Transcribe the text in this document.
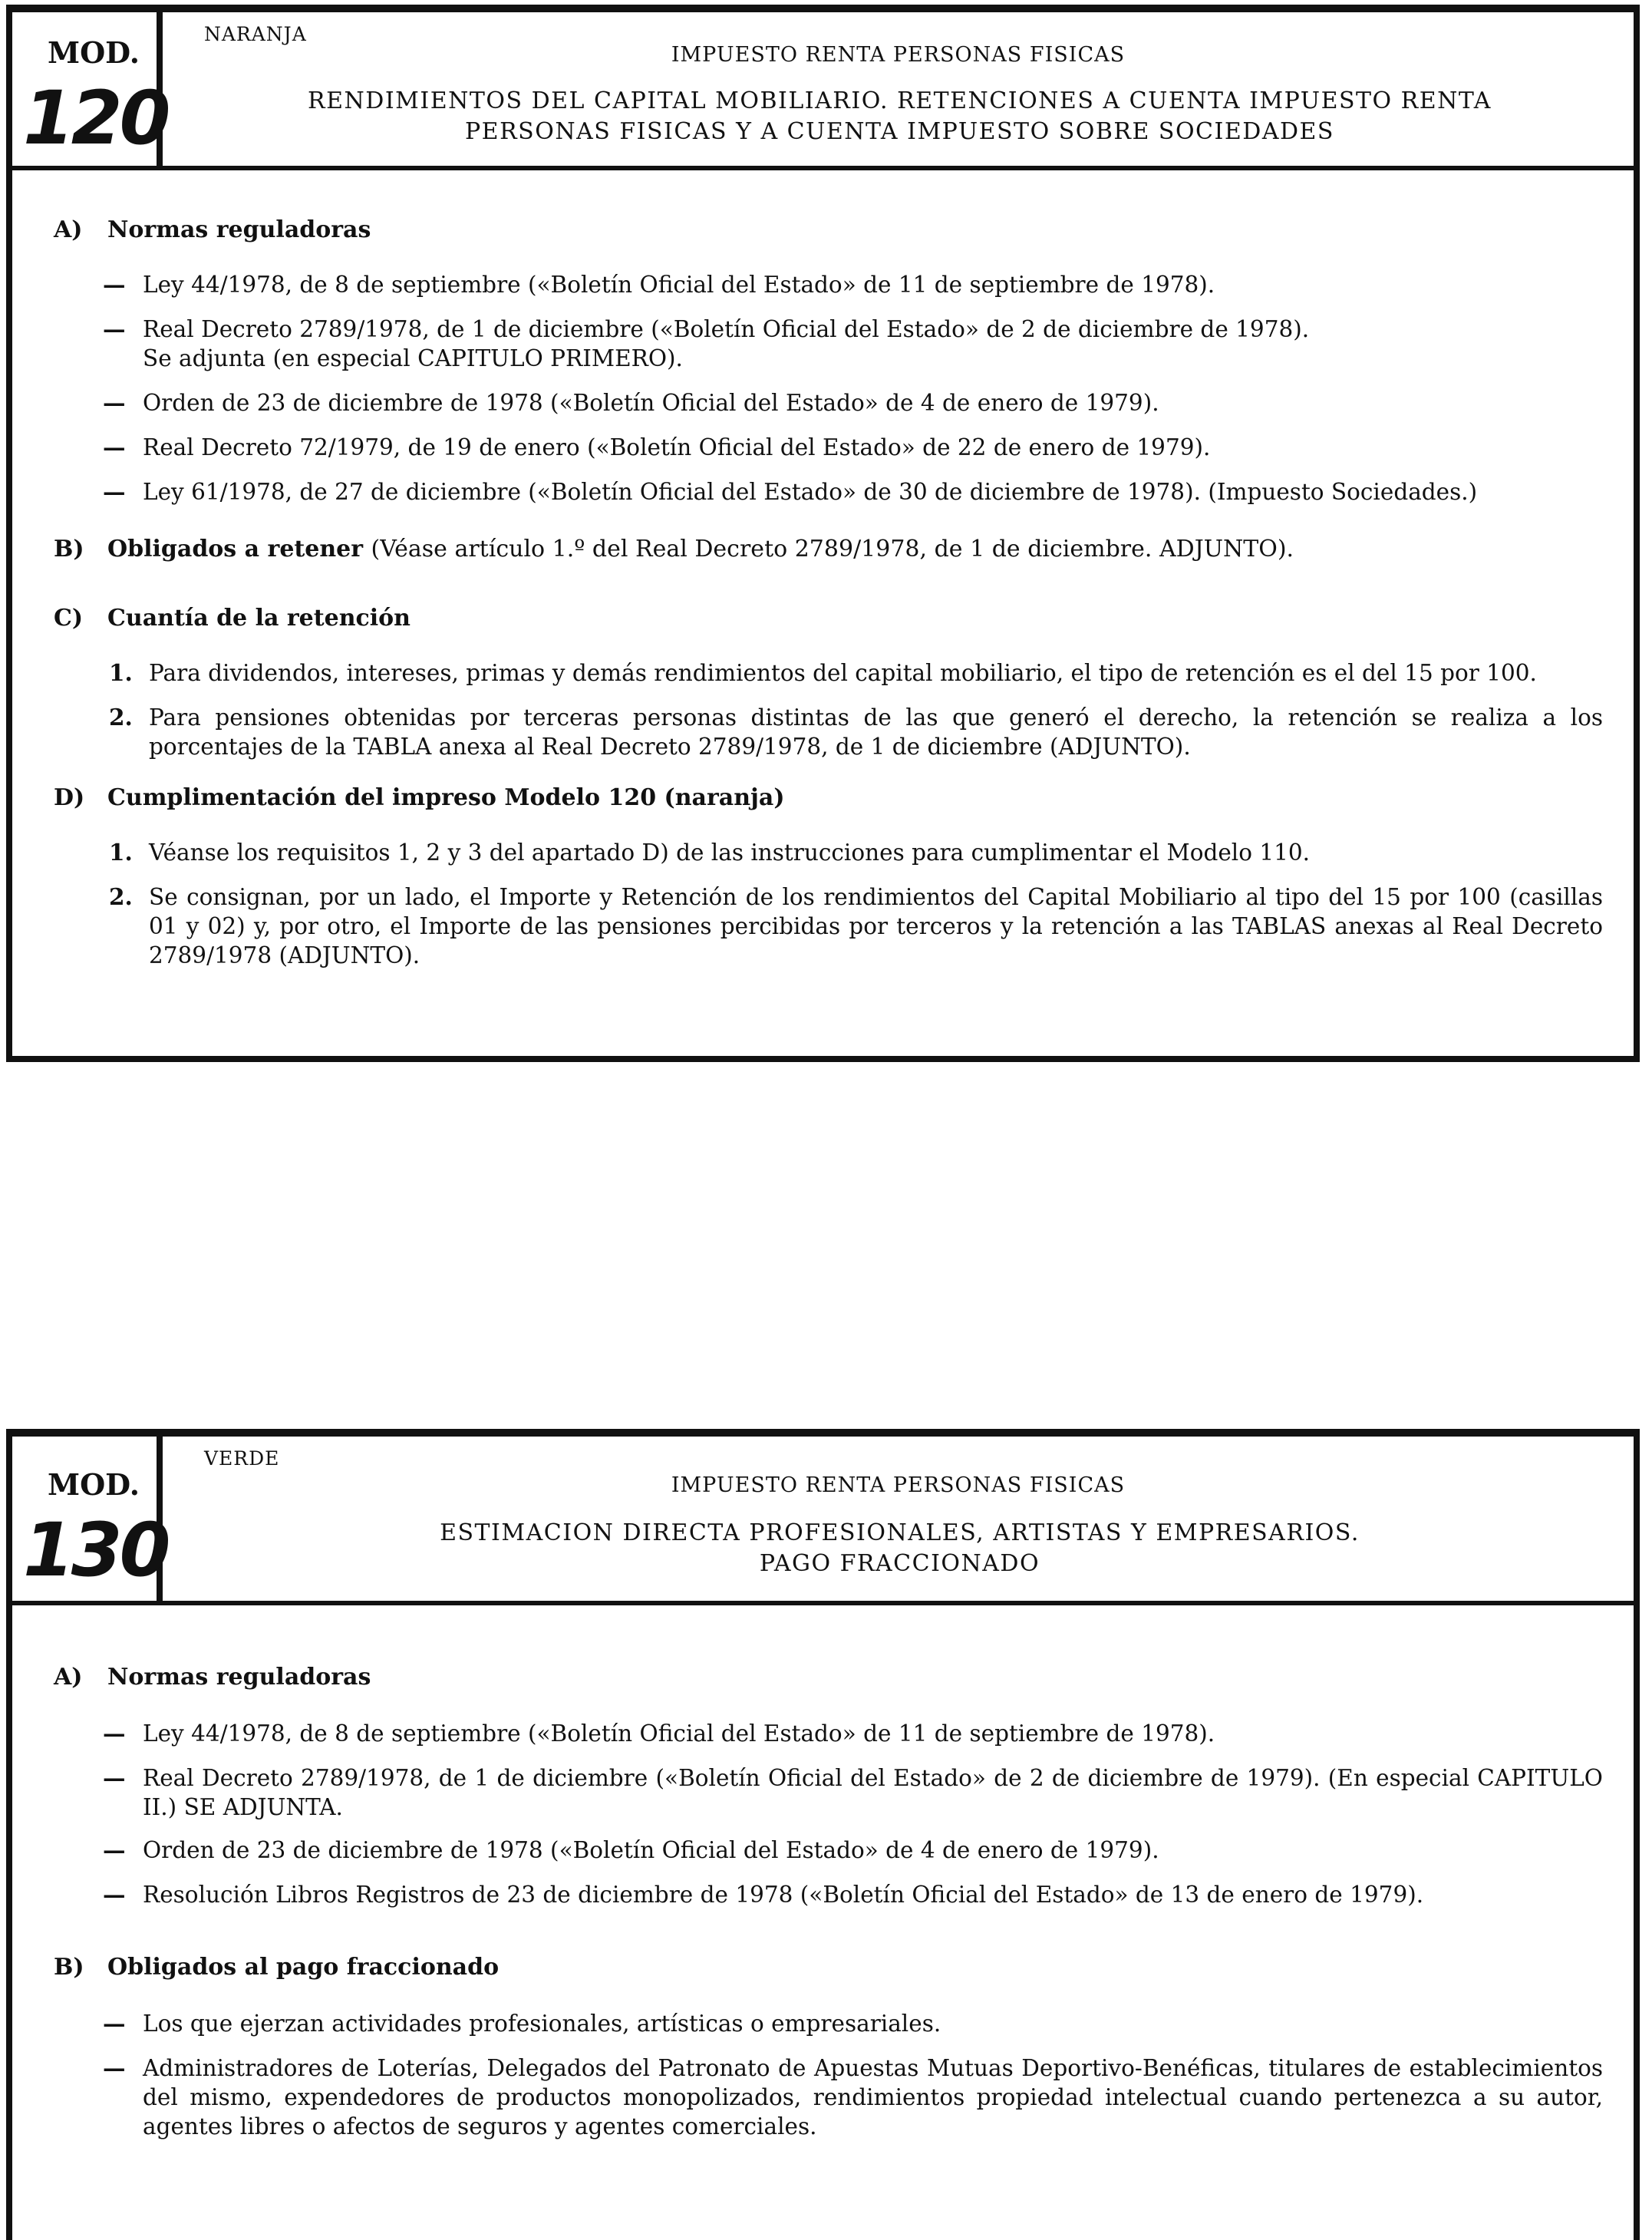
MOD.
120
NARANJA
IMPUESTO RENTA PERSONAS FISICAS
RENDIMIENTOS DEL CAPITAL MOBILIARIO. RETENCIONES A CUENTA IMPUESTO RENTA
PERSONAS FISICAS Y A CUENTA IMPUESTO SOBRE SOCIEDADES
A) Normas reguladoras
— Ley 44/1978, de 8 de septiembre («Boletín Oficial del Estado» de 11 de septiembre de 1978).
— Real Decreto 2789/1978, de 1 de diciembre («Boletín Oficial del Estado» de 2 de diciembre de 1978).
Se adjunta (en especial CAPITULO PRIMERO).
— Orden de 23 de diciembre de 1978 («Boletín Oficial del Estado» de 4 de enero de 1979).
— Real Decreto 72/1979, de 19 de enero («Boletín Oficial del Estado» de 22 de enero de 1979).
— Ley 61/1978, de 27 de diciembre («Boletín Oficial del Estado» de 30 de diciembre de 1978). (Impuesto Sociedades.)
B) Obligados a retener (Véase artículo 1.º del Real Decreto 2789/1978, de 1 de diciembre. ADJUNTO).
C) Cuantía de la retención
1. Para dividendos, intereses, primas y demás rendimientos del capital mobiliario, el tipo de retención es el del 15 por 100.
2. Para pensiones obtenidas por terceras personas distintas de las que generó el derecho, la retención se realiza a los porcentajes de la TABLA anexa al Real Decreto 2789/1978, de 1 de diciembre (ADJUNTO).
D) Cumplimentación del impreso Modelo 120 (naranja)
1. Véanse los requisitos 1, 2 y 3 del apartado D) de las instrucciones para cumplimentar el Modelo 110.
2. Se consignan, por un lado, el Importe y Retención de los rendimientos del Capital Mobiliario al tipo del 15 por 100 (casillas 01 y 02) y, por otro, el Importe de las pensiones percibidas por terceros y la retención a las TABLAS anexas al Real Decreto 2789/1978 (ADJUNTO).
MOD.
130
VERDE
IMPUESTO RENTA PERSONAS FISICAS
ESTIMACION DIRECTA PROFESIONALES, ARTISTAS Y EMPRESARIOS.
PAGO FRACCIONADO
A) Normas reguladoras
— Ley 44/1978, de 8 de septiembre («Boletín Oficial del Estado» de 11 de septiembre de 1978).
— Real Decreto 2789/1978, de 1 de diciembre («Boletín Oficial del Estado» de 2 de diciembre de 1979). (En especial CAPITULO II.) SE ADJUNTA.
— Orden de 23 de diciembre de 1978 («Boletín Oficial del Estado» de 4 de enero de 1979).
— Resolución Libros Registros de 23 de diciembre de 1978 («Boletín Oficial del Estado» de 13 de enero de 1979).
B) Obligados al pago fraccionado
— Los que ejerzan actividades profesionales, artísticas o empresariales.
— Administradores de Loterías, Delegados del Patronato de Apuestas Mutuas Deportivo-Benéficas, titulares de establecimientos del mismo, expendedores de productos monopolizados, rendimientos propiedad intelectual cuando pertenezca a su autor, agentes libres o afectos de seguros y agentes comerciales.
